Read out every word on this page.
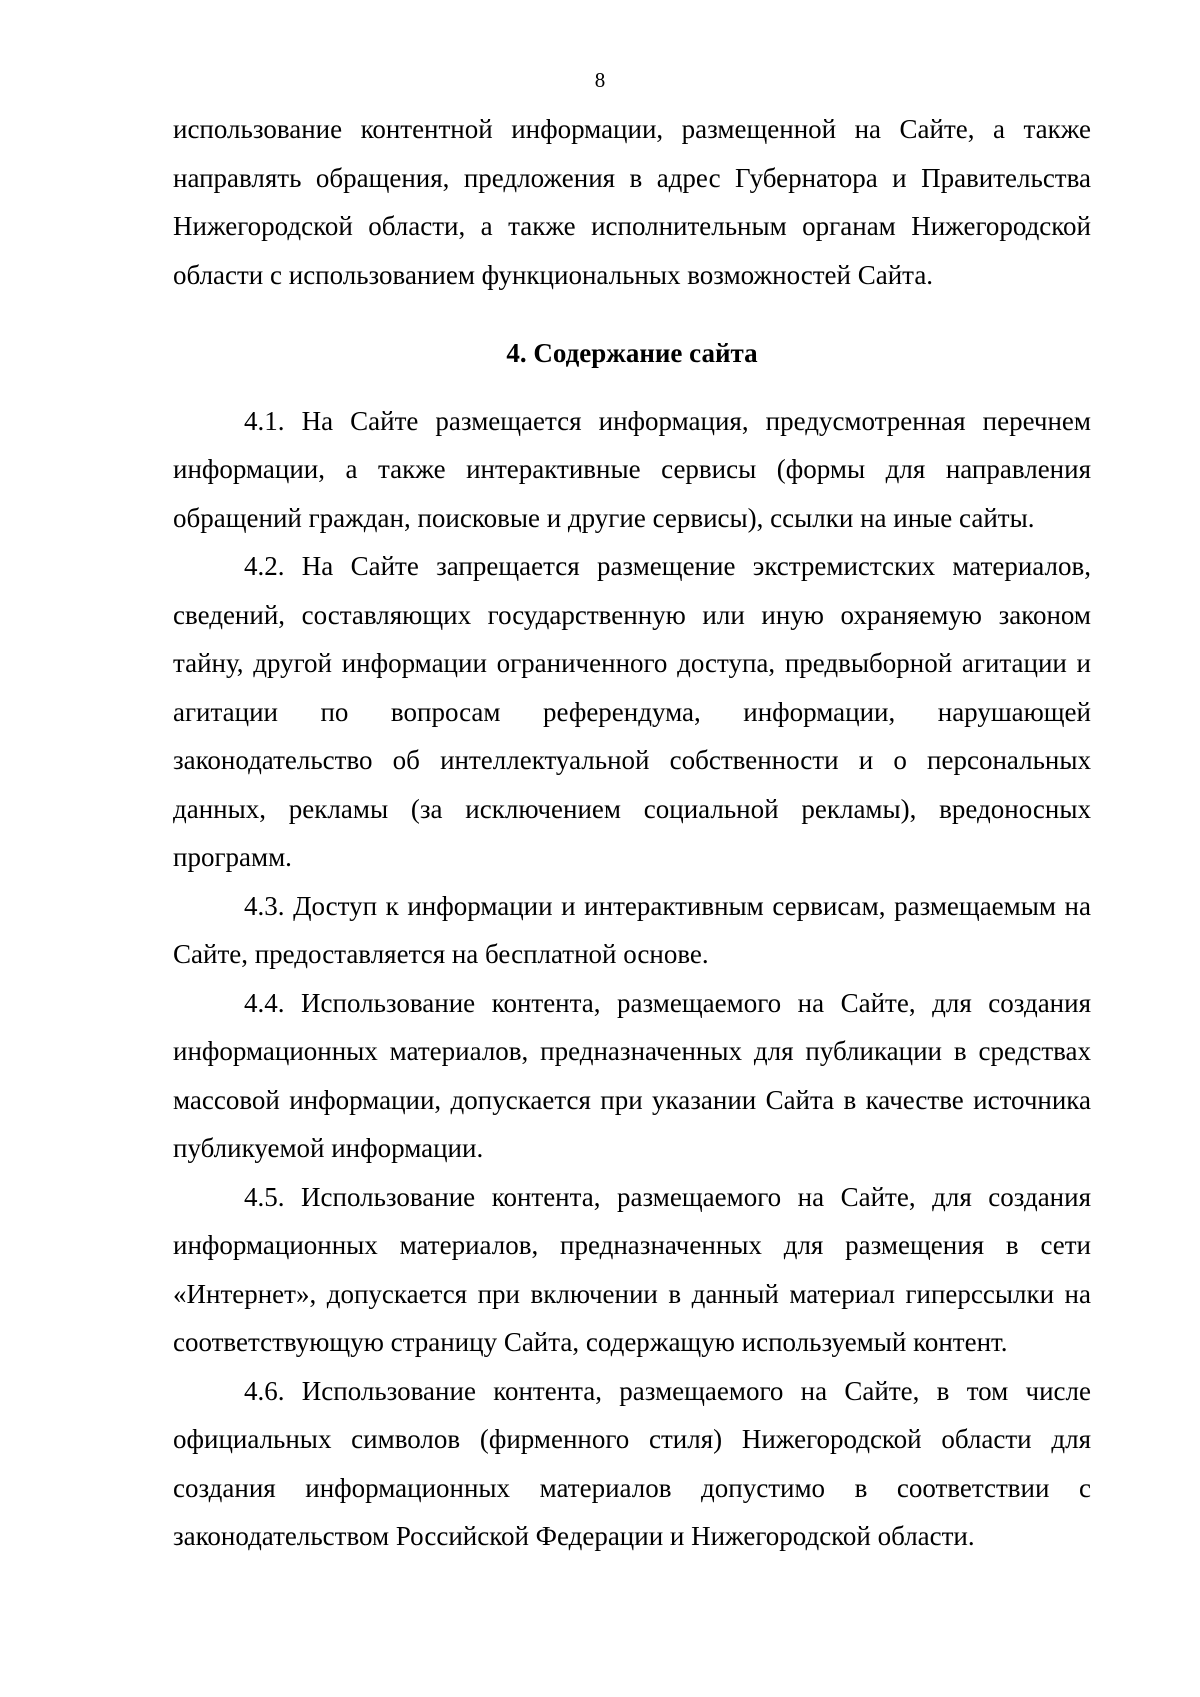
8

использование контентной информации, размещенной на Сайте, а также направлять обращения, предложения в адрес Губернатора и Правительства Нижегородской области, а также исполнительным органам Нижегородской области с использованием функциональных возможностей Сайта.

4. Содержание сайта

4.1. На Сайте размещается информация, предусмотренная перечнем информации, а также интерактивные сервисы (формы для направления обращений граждан, поисковые и другие сервисы), ссылки на иные сайты.

4.2. На Сайте запрещается размещение экстремистских материалов, сведений, составляющих государственную или иную охраняемую законом тайну, другой информации ограниченного доступа, предвыборной агитации и агитации по вопросам референдума, информации, нарушающей законодательство об интеллектуальной собственности и о персональных данных, рекламы (за исключением социальной рекламы), вредоносных программ.

4.3. Доступ к информации и интерактивным сервисам, размещаемым на Сайте, предоставляется на бесплатной основе.

4.4. Использование контента, размещаемого на Сайте, для создания информационных материалов, предназначенных для публикации в средствах массовой информации, допускается при указании Сайта в качестве источника публикуемой информации.

4.5. Использование контента, размещаемого на Сайте, для создания информационных материалов, предназначенных для размещения в сети «Интернет», допускается при включении в данный материал гиперссылки на соответствующую страницу Сайта, содержащую используемый контент.

4.6. Использование контента, размещаемого на Сайте, в том числе официальных символов (фирменного стиля) Нижегородской области для создания информационных материалов допустимо в соответствии с законодательством Российской Федерации и Нижегородской области.
